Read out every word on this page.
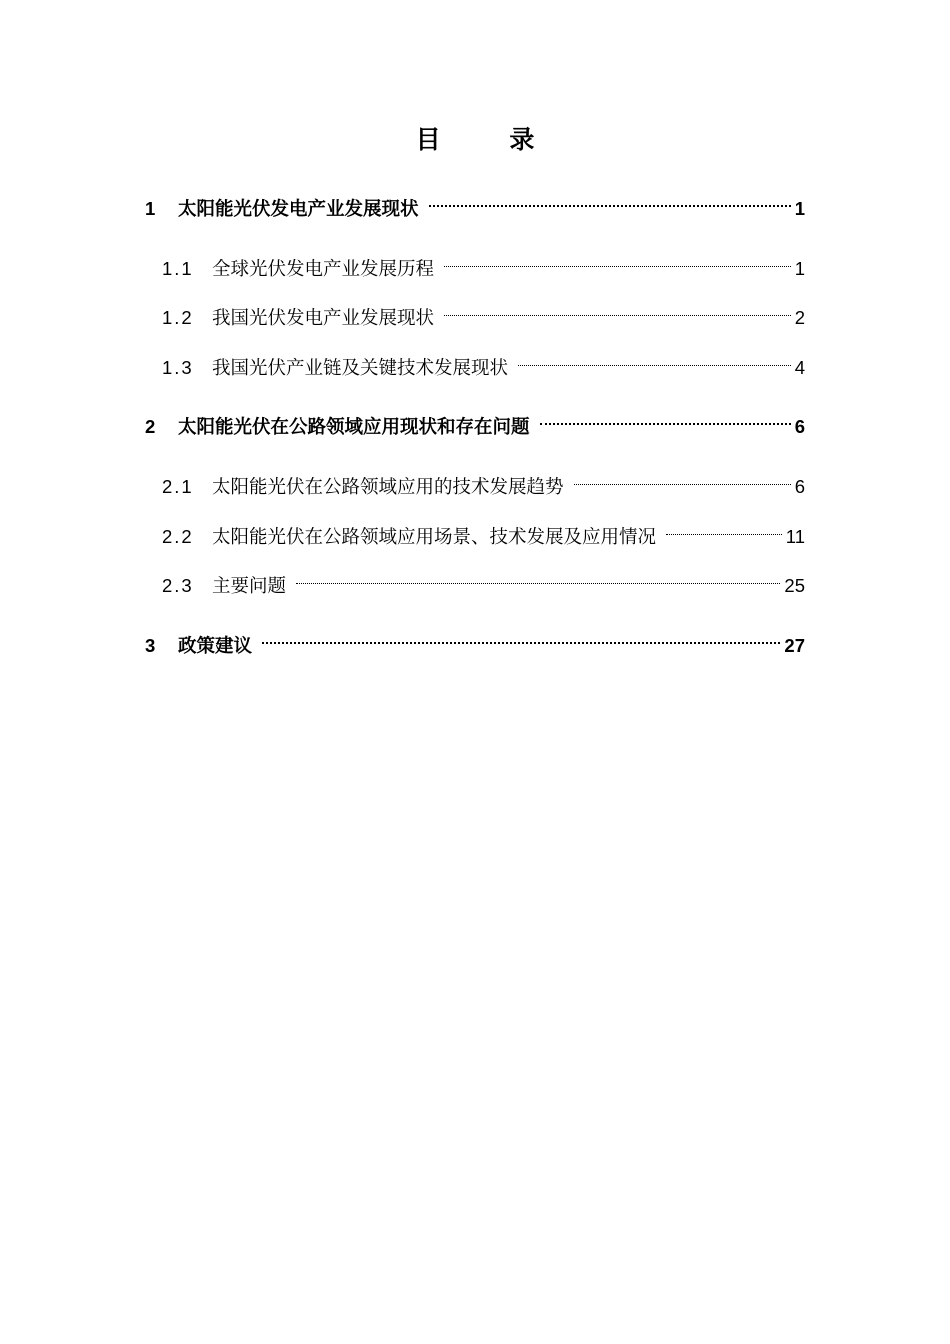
目 录
1	太阳能光伏发电产业发展现状	1
1.1 全球光伏发电产业发展历程	1
1.2 我国光伏发电产业发展现状	2
1.3 我国光伏产业链及关键技术发展现状	4
2	太阳能光伏在公路领域应用现状和存在问题	6
2.1 太阳能光伏在公路领域应用的技术发展趋势	6
2.2 太阳能光伏在公路领域应用场景、技术发展及应用情况	11
2.3 主要问题	25
3	政策建议	27
